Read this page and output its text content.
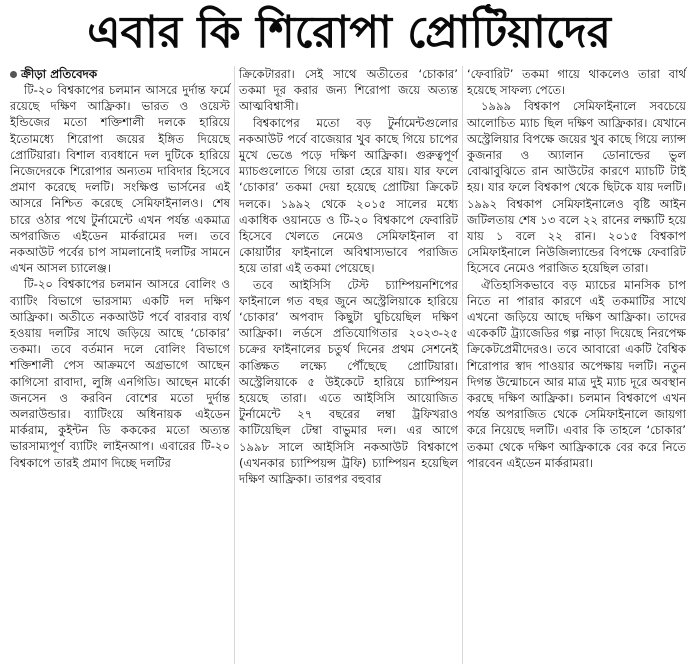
এবার কি শিরোপা প্রোটিয়াদের
ক্রীড়া প্রতিবেদক

টি-২০ বিশ্বকাপের চলমান আসরে দুর্দান্ত ফর্মে রয়েছে দক্ষিণ আফ্রিকা। ভারত ও ওয়েস্ট ইন্ডিজের মতো শক্তিশালী দলকে হারিয়ে ইতোমধ্যে শিরোপা জয়ের ইঙ্গিত দিয়েছে প্রোটিয়ারা। বিশাল ব্যবধানে দল দুটিকে হারিয়ে নিজেদেরকে শিরোপার অন্যতম দাবিদার হিসেবে প্রমাণ করেছে দলটি। সংক্ষিপ্ত ভার্সনের এই আসরে নিশ্চিত করেছে সেমিফাইনালও। শেষ চারে ওঠার পথে টুর্নামেন্টে এখন পর্যন্ত একমাত্র অপরাজিত এইডেন মার্করামের দল। তবে নকআউট পর্বের চাপ সামলানোই দলটির সামনে এখন আসল চ্যালেঞ্জ।

টি-২০ বিশ্বকাপের চলমান আসরে বোলিং ও ব্যাটিং বিভাগে ভারসাম্য একটি দল দক্ষিণ আফ্রিকা। অতীতে নকআউট পর্বে বারবার ব্যর্থ হওয়ায় দলটির সাথে জড়িয়ে আছে ‘চোকার’ তকমা। তবে বর্তমান দলে বোলিং বিভাগে শক্তিশালী পেস আক্রমণে অগ্রভাগে আছেন কাগিসো রাবাদা, লুঙ্গি এনগিডি। আছেন মার্কো জনসেন ও করবিন বোশের মতো দুর্দান্ত অলরাউন্ডার। ব্যাটিংয়ে অধিনায়ক এইডেন মার্করাম, কুইন্টন ডি কককের মতো অত্যন্ত ভারসাম্যপূর্ণ ব্যাটিং লাইনআপ। এবারের টি-২০ বিশ্বকাপে তারই প্রমাণ দিচ্ছে দলটির

ক্রিকেটাররা। সেই সাথে অতীতের ‘চোকার’ তকমা দূর করার জন্য শিরোপা জয়ে অত্যন্ত আত্মবিশ্বাসী।

বিশ্বকাপের মতো বড় টুর্নামেন্টগুলোর নকআউট পর্বে বাজেয়ার খুব কাছে গিয়ে চাপের মুখে ভেঙে পড়ে দক্ষিণ আফ্রিকা। গুরুত্বপূর্ণ ম্যাচগুলোতে গিয়ে তারা হেরে যায়। যার ফলে ‘চোকার’ তকমা দেয়া হয়েছে প্রোটিয়া ক্রিকেট দলকে। ১৯৯২ থেকে ২০১৫ সালের মধ্যে একাধিক ওয়ানডে ও টি-২০ বিশ্বকাপে ফেবারিট হিসেবে খেলতে নেমেও সেমিফাইনাল বা কোয়ার্টার ফাইনালে অবিশ্বাস্যভাবে পরাজিত হয়ে তারা এই তকমা পেয়েছে।

তবে আইসিসি টেস্ট চ্যাম্পিয়নশিপের ফাইনালে গত বছর জুনে অস্ট্রেলিয়াকে হারিয়ে ‘চোকার’ অপবাদ কিছুটা ঘুচিয়েছিল দক্ষিণ আফ্রিকা। লর্ডসে প্রতিযোগিতার ২০২৩-২৫ চক্রের ফাইনালের চতুর্থ দিনের প্রথম সেশনেই কাঙ্ক্ষিত লক্ষ্যে পৌঁছেছে প্রোটিয়ারা। অস্ট্রেলিয়াকে ৫ উইকেটে হারিয়ে চ্যাম্পিয়ন হয়েছে তারা। এতে আইসিসি আয়োজিত টুর্নামেন্টে ২৭ বছরের লম্বা ট্রফিখরাও কাটিয়েছিল টেম্বা বাভুমার দল। এর আগে ১৯৯৮ সালে আইসিসি নকআউট বিশ্বকাপে (এখনকার চ্যাম্পিয়ন্স ট্রফি) চ্যাম্পিয়ন হয়েছিল দক্ষিণ আফ্রিকা। তারপর বহুবার

‘ফেবারিট’ তকমা গায়ে থাকলেও তারা বার্থ হয়েছে সাফল্য পেতে।

১৯৯৯ বিশ্বকাপ সেমিফাইনালে সবচেয়ে আলোচিত ম্যাচ ছিল দক্ষিণ আফ্রিকার। যেখানে অস্ট্রেলিয়ার বিপক্ষে জয়ের খুব কাছে গিয়ে ল্যান্স কুজনার ও অ্যালান ডোনাল্ডের ভুল বোঝাবুঝিতে রান আউটের কারণে ম্যাচটি টাই হয়। যার ফলে বিশ্বকাপ থেকে ছিটকে যায় দলটি। ১৯৯২ বিশ্বকাপ সেমিফাইনালেও বৃষ্টি আইন জটিলতায় শেষ ১৩ বলে ২২ রানের লক্ষ্যটি হয়ে যায় ১ বলে ২২ রান। ২০১৫ বিশ্বকাপ সেমিফাইনালে নিউজিল্যান্ডের বিপক্ষে ফেবারিট হিসেবে নেমেও পরাজিত হয়েছিল তারা।

ঐতিহাসিকভাবে বড় ম্যাচের মানসিক চাপ নিতে না পারার কারণে এই তকমাটির সাথে এখনো জড়িয়ে আছে দক্ষিণ আফ্রিকা। তাদের একেকটি ট্র্যাজেডির গল্প নাড়া দিয়েছে নিরপেক্ষ ক্রিকেটপ্রেমীদেরও। তবে আবারো একটি বৈশ্বিক শিরোপার স্বাদ পাওয়ার অপেক্ষায় দলটি। নতুন দিগন্ত উন্মোচনে আর মাত্র দুই ম্যাচ দূরে অবস্থান করছে দক্ষিণ আফ্রিকা। চলমান বিশ্বকাপে এখন পর্যন্ত অপরাজিত থেকে সেমিফাইনালে জায়গা করে নিয়েছে দলটি। এবার কি তাহলে ‘চোকার’ তকমা থেকে দক্ষিণ আফ্রিকাকে বের করে নিতে পারবেন এইডেন মার্করামরা।
